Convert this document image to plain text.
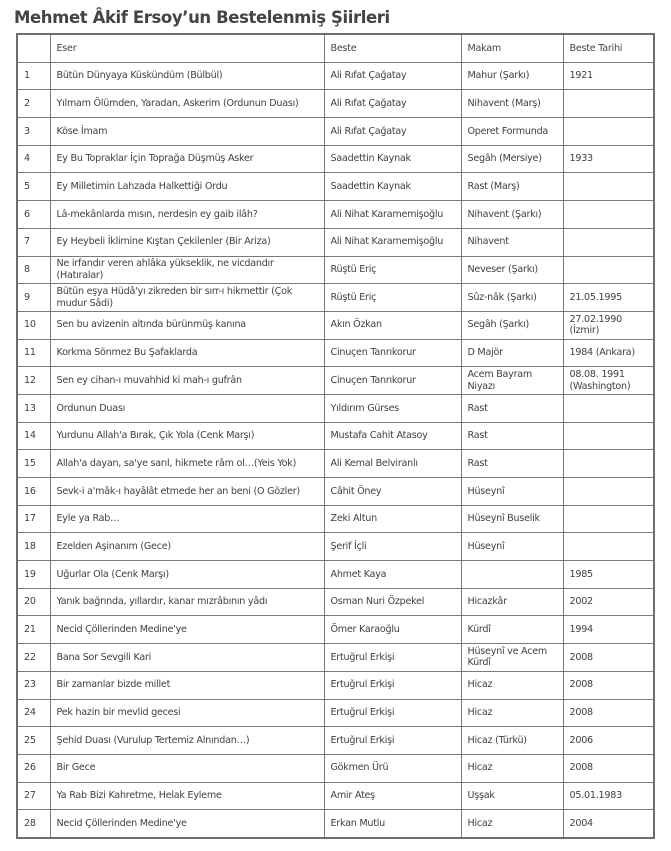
Mehmet Âkif Ersoy’un Bestelenmiş Şiirleri
	Eser	Beste	Makam	Beste Tarihi
1	Bütün Dünyaya Küskündüm (Bülbül)	Ali Rıfat Çağatay	Mahur (Şarkı)	1921
2	Yılmam Ölümden, Yaradan, Askerim (Ordunun Duası)	Ali Rıfat Çağatay	Nihavent (Marş)	
3	Köse İmam	Ali Rıfat Çağatay	Operet Formunda	
4	Ey Bu Topraklar İçin Toprağa Düşmüş Asker	Saadettin Kaynak	Segâh (Mersiye)	1933
5	Ey Milletimin Lahzada Halkettiği Ordu	Saadettin Kaynak	Rast (Marş)	
6	Lâ-mekânlarda mısın, nerdesin ey gaib ilâh?	Ali Nihat Karamemişoğlu	Nihavent (Şarkı)	
7	Ey Heybeli İklimine Kıştan Çekilenler (Bir Ariza)	Ali Nihat Karamemişoğlu	Nihavent	
8	Ne irfandır veren ahlâka yükseklik, ne vicdandır (Hatıralar)	Rüştü Eriç	Neveser (Şarkı)	
9	Bütün eşya Hüdâ'yı zikreden bir sırr-ı hikmettir (Çok mudur Sâdi)	Rüştü Eriç	Sûz-nâk (Şarkı)	21.05.1995
10	Sen bu avizenin altında bürünmüş kanına	Akın Özkan	Segâh (Şarkı)	27.02.1990 (İzmir)
11	Korkma Sönmez Bu Şafaklarda	Cinuçen Tanrıkorur	D Majör	1984 (Ankara)
12	Sen ey cihan-ı muvahhid ki mah-ı gufrân	Cinuçen Tanrıkorur	Acem Bayram Niyazı	08.08. 1991 (Washington)
13	Ordunun Duası	Yıldırım Gürses	Rast	
14	Yurdunu Allah'a Bırak, Çık Yola (Cenk Marşı)	Mustafa Cahit Atasoy	Rast	
15	Allah'a dayan, sa'ye sarıl, hikmete râm ol…(Yeis Yok)	Ali Kemal Belviranlı	Rast	
16	Sevk-i a'mâk-ı hayâlât etmede her an beni (O Gözler)	Câhit Öney	Hüseynî	
17	Eyle ya Rab…	Zeki Altun	Hüseynî Buselik	
18	Ezelden Aşinanım (Gece)	Şerif İçli	Hüseynî	
19	Uğurlar Ola (Cenk Marşı)	Ahmet Kaya		1985
20	Yanık bağrında, yıllardır, kanar mızrâbının yâdı	Osman Nuri Özpekel	Hicazkâr	2002
21	Necid Çöllerinden Medine'ye	Ömer Karaoğlu	Kürdî	1994
22	Bana Sor Sevgili Kari	Ertuğrul Erkişi	Hüseynî ve Acem Kürdî	2008
23	Bir zamanlar bizde millet	Ertuğrul Erkişi	Hicaz	2008
24	Pek hazin bir mevlid gecesi	Ertuğrul Erkişi	Hicaz	2008
25	Şehid Duası (Vurulup Tertemiz Alnından…)	Ertuğrul Erkişi	Hicaz (Türkü)	2006
26	Bir Gece	Gökmen Ürü	Hicaz	2008
27	Ya Rab Bizi Kahretme, Helak Eyleme	Amir Ateş	Uşşak	05.01.1983
28	Necid Çöllerinden Medine'ye	Erkan Mutlu	Hicaz	2004
